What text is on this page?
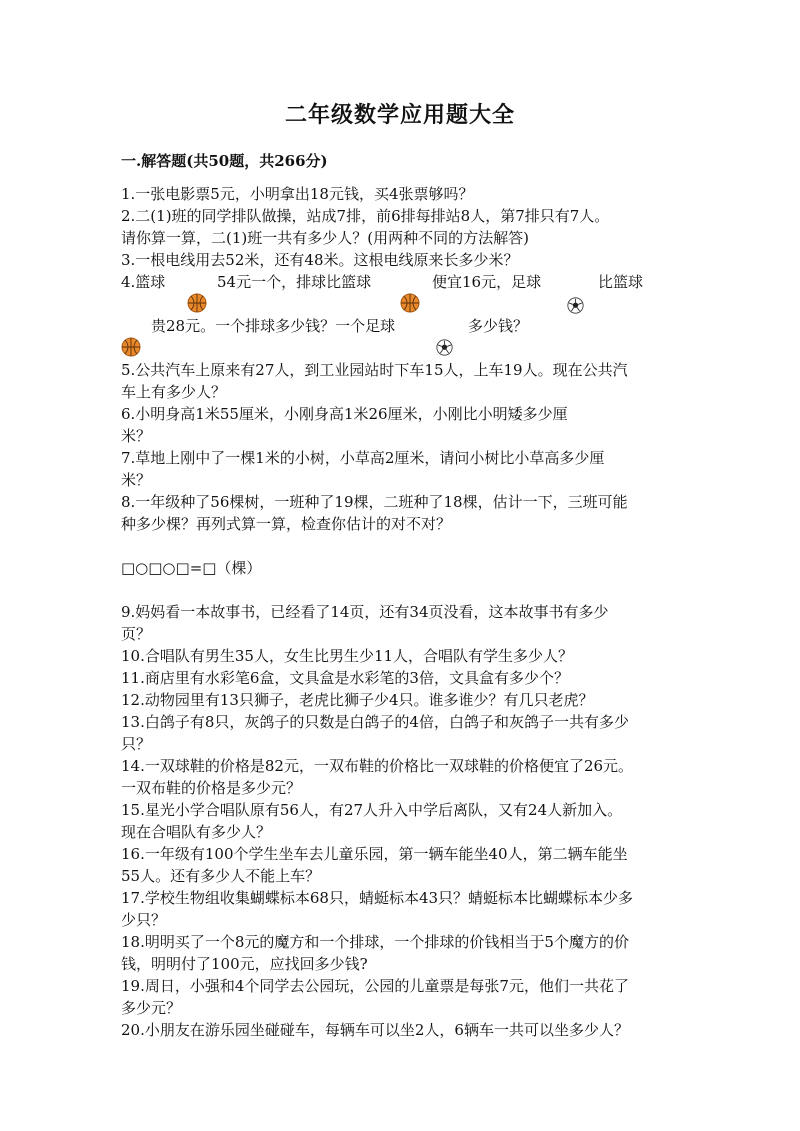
二年级数学应用题大全
一.解答题(共50题，共266分)
1.一张电影票5元，小明拿出18元钱，买4张票够吗？
2.二(1)班的同学排队做操，站成7排，前6排每排站8人，第7排只有7人。
请你算一算，二(1)班一共有多少人？(用两种不同的方法解答)
3.一根电线用去52米，还有48米。这根电线原来长多少米？
4.篮球	54元一个，排球比篮球	便宜16元，足球	比篮球
贵28元。一个排球多少钱？一个足球	多少钱？
5.公共汽车上原来有27人，到工业园站时下车15人，上车19人。现在公共汽
车上有多少人？
6.小明身高1米55厘米，小刚身高1米26厘米，小刚比小明矮多少厘
米？
7.草地上刚中了一棵1米的小树，小草高2厘米，请问小树比小草高多少厘
米？
8.一年级种了56棵树，一班种了19棵，二班种了18棵，估计一下，三班可能
种多少棵？再列式算一算，检查你估计的对不对？
□○□○□=□（棵）
9.妈妈看一本故事书，已经看了14页，还有34页没看，这本故事书有多少
页？
10.合唱队有男生35人，女生比男生少11人，合唱队有学生多少人？
11.商店里有水彩笔6盒，文具盒是水彩笔的3倍，文具盒有多少个？
12.动物园里有13只狮子，老虎比狮子少4只。谁多谁少？有几只老虎？
13.白鸽子有8只，灰鸽子的只数是白鸽子的4倍，白鸽子和灰鸽子一共有多少
只？
14.一双球鞋的价格是82元，一双布鞋的价格比一双球鞋的价格便宜了26元。
一双布鞋的价格是多少元？
15.星光小学合唱队原有56人，有27人升入中学后离队，又有24人新加入。
现在合唱队有多少人？
16.一年级有100个学生坐车去儿童乐园，第一辆车能坐40人，第二辆车能坐
55人。还有多少人不能上车？
17.学校生物组收集蝴蝶标本68只，蜻蜓标本43只？蜻蜓标本比蝴蝶标本少多
少只？
18.明明买了一个8元的魔方和一个排球，一个排球的价钱相当于5个魔方的价
钱，明明付了100元，应找回多少钱?
19.周日，小强和4个同学去公园玩，公园的儿童票是每张7元，他们一共花了
多少元？
20.小朋友在游乐园坐碰碰车，每辆车可以坐2人，6辆车一共可以坐多少人？
